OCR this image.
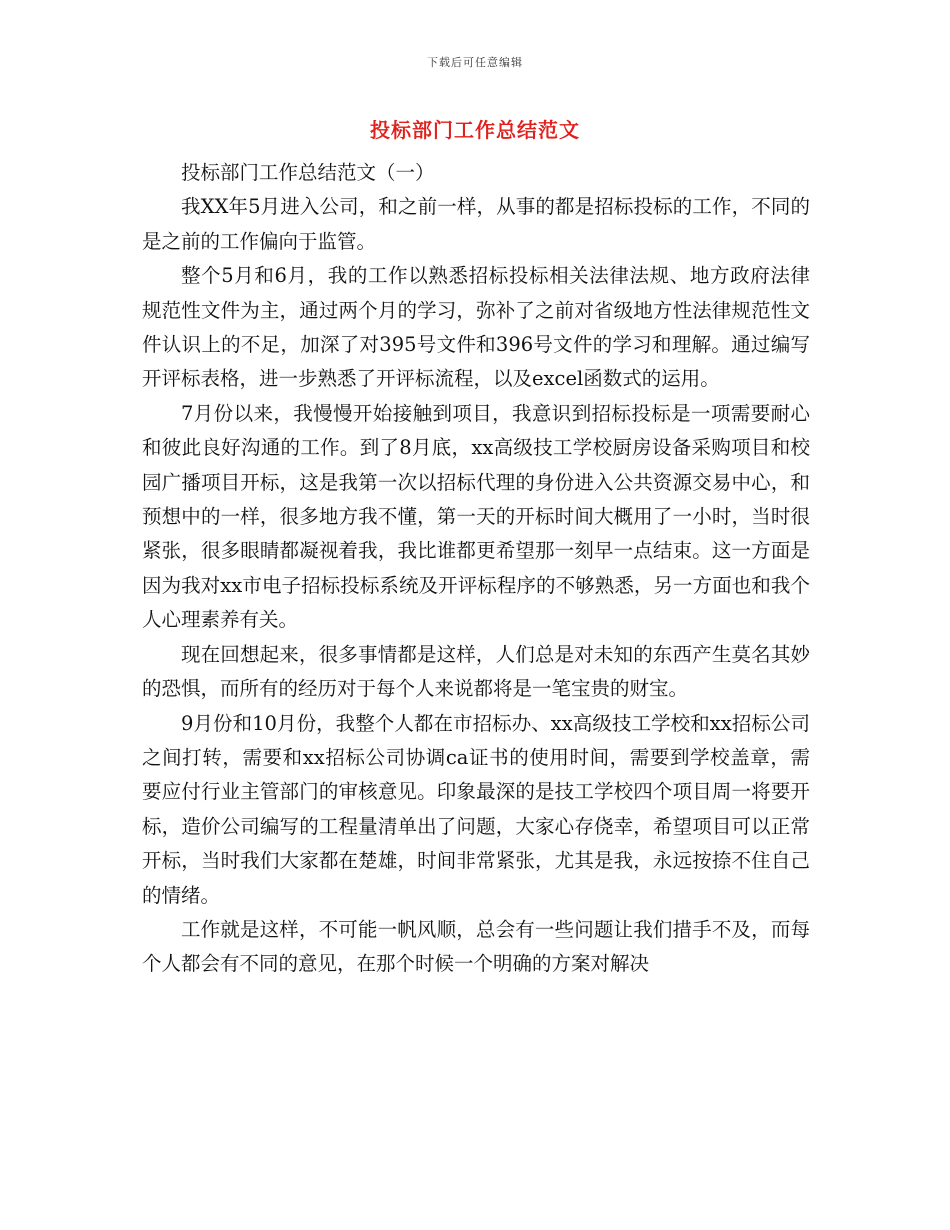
下载后可任意编辑
投标部门工作总结范文

投标部门工作总结范文（一）

我XX年5月进入公司，和之前一样，从事的都是招标投标的工作，不同的是之前的工作偏向于监管。

整个5月和6月，我的工作以熟悉招标投标相关法律法规、地方政府法律规范性文件为主，通过两个月的学习，弥补了之前对省级地方性法律规范性文件认识上的不足，加深了对395号文件和396号文件的学习和理解。通过编写开评标表格，进一步熟悉了开评标流程，以及excel函数式的运用。

7月份以来，我慢慢开始接触到项目，我意识到招标投标是一项需要耐心和彼此良好沟通的工作。到了8月底，xx高级技工学校厨房设备采购项目和校园广播项目开标，这是我第一次以招标代理的身份进入公共资源交易中心，和预想中的一样，很多地方我不懂，第一天的开标时间大概用了一小时，当时很紧张，很多眼睛都凝视着我，我比谁都更希望那一刻早一点结束。这一方面是因为我对xx市电子招标投标系统及开评标程序的不够熟悉，另一方面也和我个人心理素养有关。

现在回想起来，很多事情都是这样，人们总是对未知的东西产生莫名其妙的恐惧，而所有的经历对于每个人来说都将是一笔宝贵的财宝。

9月份和10月份，我整个人都在市招标办、xx高级技工学校和xx招标公司之间打转，需要和xx招标公司协调ca证书的使用时间，需要到学校盖章，需要应付行业主管部门的审核意见。印象最深的是技工学校四个项目周一将要开标，造价公司编写的工程量清单出了问题，大家心存侥幸，希望项目可以正常开标，当时我们大家都在楚雄，时间非常紧张，尤其是我，永远按捺不住自己的情绪。

工作就是这样，不可能一帆风顺，总会有一些问题让我们措手不及，而每个人都会有不同的意见，在那个时候一个明确的方案对解决
